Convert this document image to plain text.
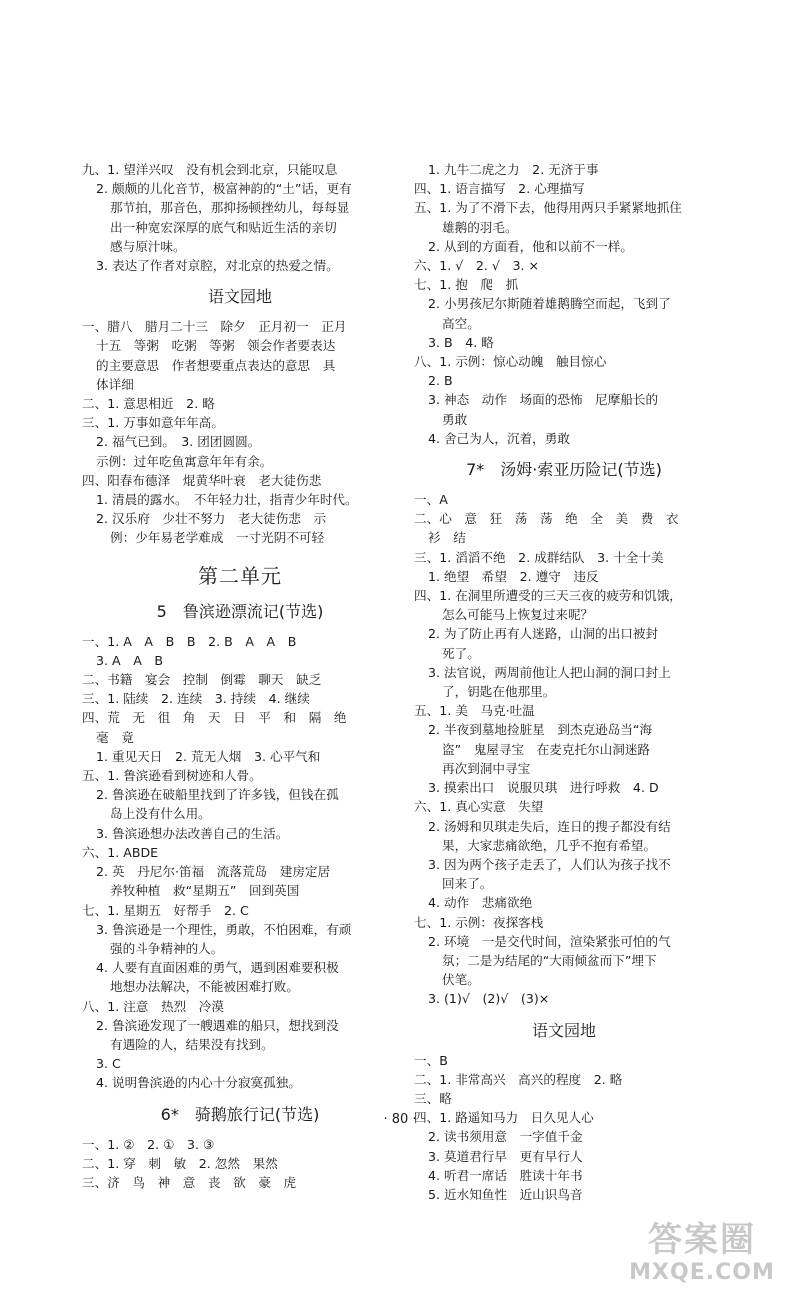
九、1. 望洋兴叹　没有机会到北京，只能叹息
2. 颇颇的儿化音节，极富神韵的“土”话，更有
那节拍，那音色，那抑扬顿挫幼儿，每每显
出一种宽宏深厚的底气和贴近生活的亲切
感与原汁味。
3. 表达了作者对京腔，对北京的热爱之情。
语文园地
一、腊八　腊月二十三　除夕　正月初一　正月
十五　等粥　吃粥　等粥　领会作者要表达
的主要意思　作者想要重点表达的意思　具
体详细
二、1. 意思相近　2. 略
三、1. 万事如意年年高。
2. 福气已到。　3. 团团圆圆。
示例：过年吃鱼寓意年年有余。
四、阳春布德泽　焜黄华叶衰　老大徒伤悲
1. 清晨的露水。　不年轻力壮，指青少年时代。
2. 汉乐府　少壮不努力　老大徒伤悲　示
例：少年易老学难成　一寸光阴不可轻
第二单元
5　鲁滨逊漂流记(节选)
一、1. A　A　B　B　2. B　A　A　B
3. A　A　B
二、书籍　宴会　控制　倒霉　聊天　缺乏
三、1. 陆续　2. 连续　3. 持续　4. 继续
四、荒　无　徂　角　天　日　平　和　隔　绝
毫　竟
1. 重见天日　2. 荒无人烟　3. 心平气和
五、1. 鲁滨逊看到树迹和人骨。
2. 鲁滨逊在破船里找到了许多钱，但钱在孤
岛上没有什么用。
3. 鲁滨逊想办法改善自己的生活。
六、1. ABDE
2. 英　丹尼尔·笛福　流落荒岛　建房定居
养牧种植　救“星期五”　回到英国
七、1. 星期五　好帮手　2. C
3. 鲁滨逊是一个理性，勇敢，不怕困难，有顽
强的斗争精神的人。
4. 人要有直面困难的勇气，遇到困难要积极
地想办法解决，不能被困难打败。
八、1. 注意　热烈　冷漠
2. 鲁滨逊发现了一艘遇难的船只，想找到没
有遇险的人，结果没有找到。
3. C
4. 说明鲁滨逊的内心十分寂寞孤独。
6*　骑鹅旅行记(节选)
一、1. ②　2. ①　3. ③
二、1. 穿　刺　敏　2. 忽然　果然
三、济　鸟　神　意　丧　欲　豪　虎
1. 九牛二虎之力　2. 无济于事
四、1. 语言描写　2. 心理描写
五、1. 为了不滑下去，他得用两只手紧紧地抓住
雄鹅的羽毛。
2. 从到的方面看，他和以前不一样。
六、1. √　2. √　3. ×
七、1. 抱　爬　抓
2. 小男孩尼尔斯随着雄鹅腾空而起，飞到了
高空。
3. B　4. 略
八、1. 示例：惊心动魄　触目惊心
2. B
3. 神态　动作　场面的恐怖　尼摩船长的
勇敢
4. 舍己为人，沉着，勇敢
7*　汤姆·索亚历险记(节选)
一、A
二、心　意　狂　荡　荡　绝　全　美　费　衣
衫　结
三、1. 滔滔不绝　2. 成群结队　3. 十全十美
1. 绝望　希望　2. 遵守　违反
四、1. 在洞里所遭受的三天三夜的疲劳和饥饿，
怎么可能马上恢复过来呢？
2. 为了防止再有人迷路，山洞的出口被封
死了。
3. 法官说，两周前他让人把山洞的洞口封上
了，钥匙在他那里。
五、1. 美　马克·吐温
2. 半夜到墓地捡脏星　到杰克逊岛当“海
盗”　鬼屋寻宝　在麦克托尔山洞迷路
再次到洞中寻宝
3. 摸索出口　说服贝琪　进行呼救　4. D
六、1. 真心实意　失望
2. 汤姆和贝琪走失后，连日的搜子都没有结
果，大家悲痛欲绝，几乎不抱有希望。
3. 因为两个孩子走丢了，人们认为孩子找不
回来了。
4. 动作　悲痛欲绝
七、1. 示例：夜探客栈
2. 环境　一是交代时间，渲染紧张可怕的气
氛；二是为结尾的“大雨倾盆而下”埋下
伏笔。
3. (1)√　(2)√　(3)×
语文园地
一、B
二、1. 非常高兴　高兴的程度　2. 略
三、略
四、1. 路遥知马力　日久见人心
2. 读书须用意　一字值千金
3. 莫道君行早　更有早行人
4. 听君一席话　胜读十年书
5. 近水知鱼性　近山识鸟音
· 80 ·
答案圈
MXQE.COM
